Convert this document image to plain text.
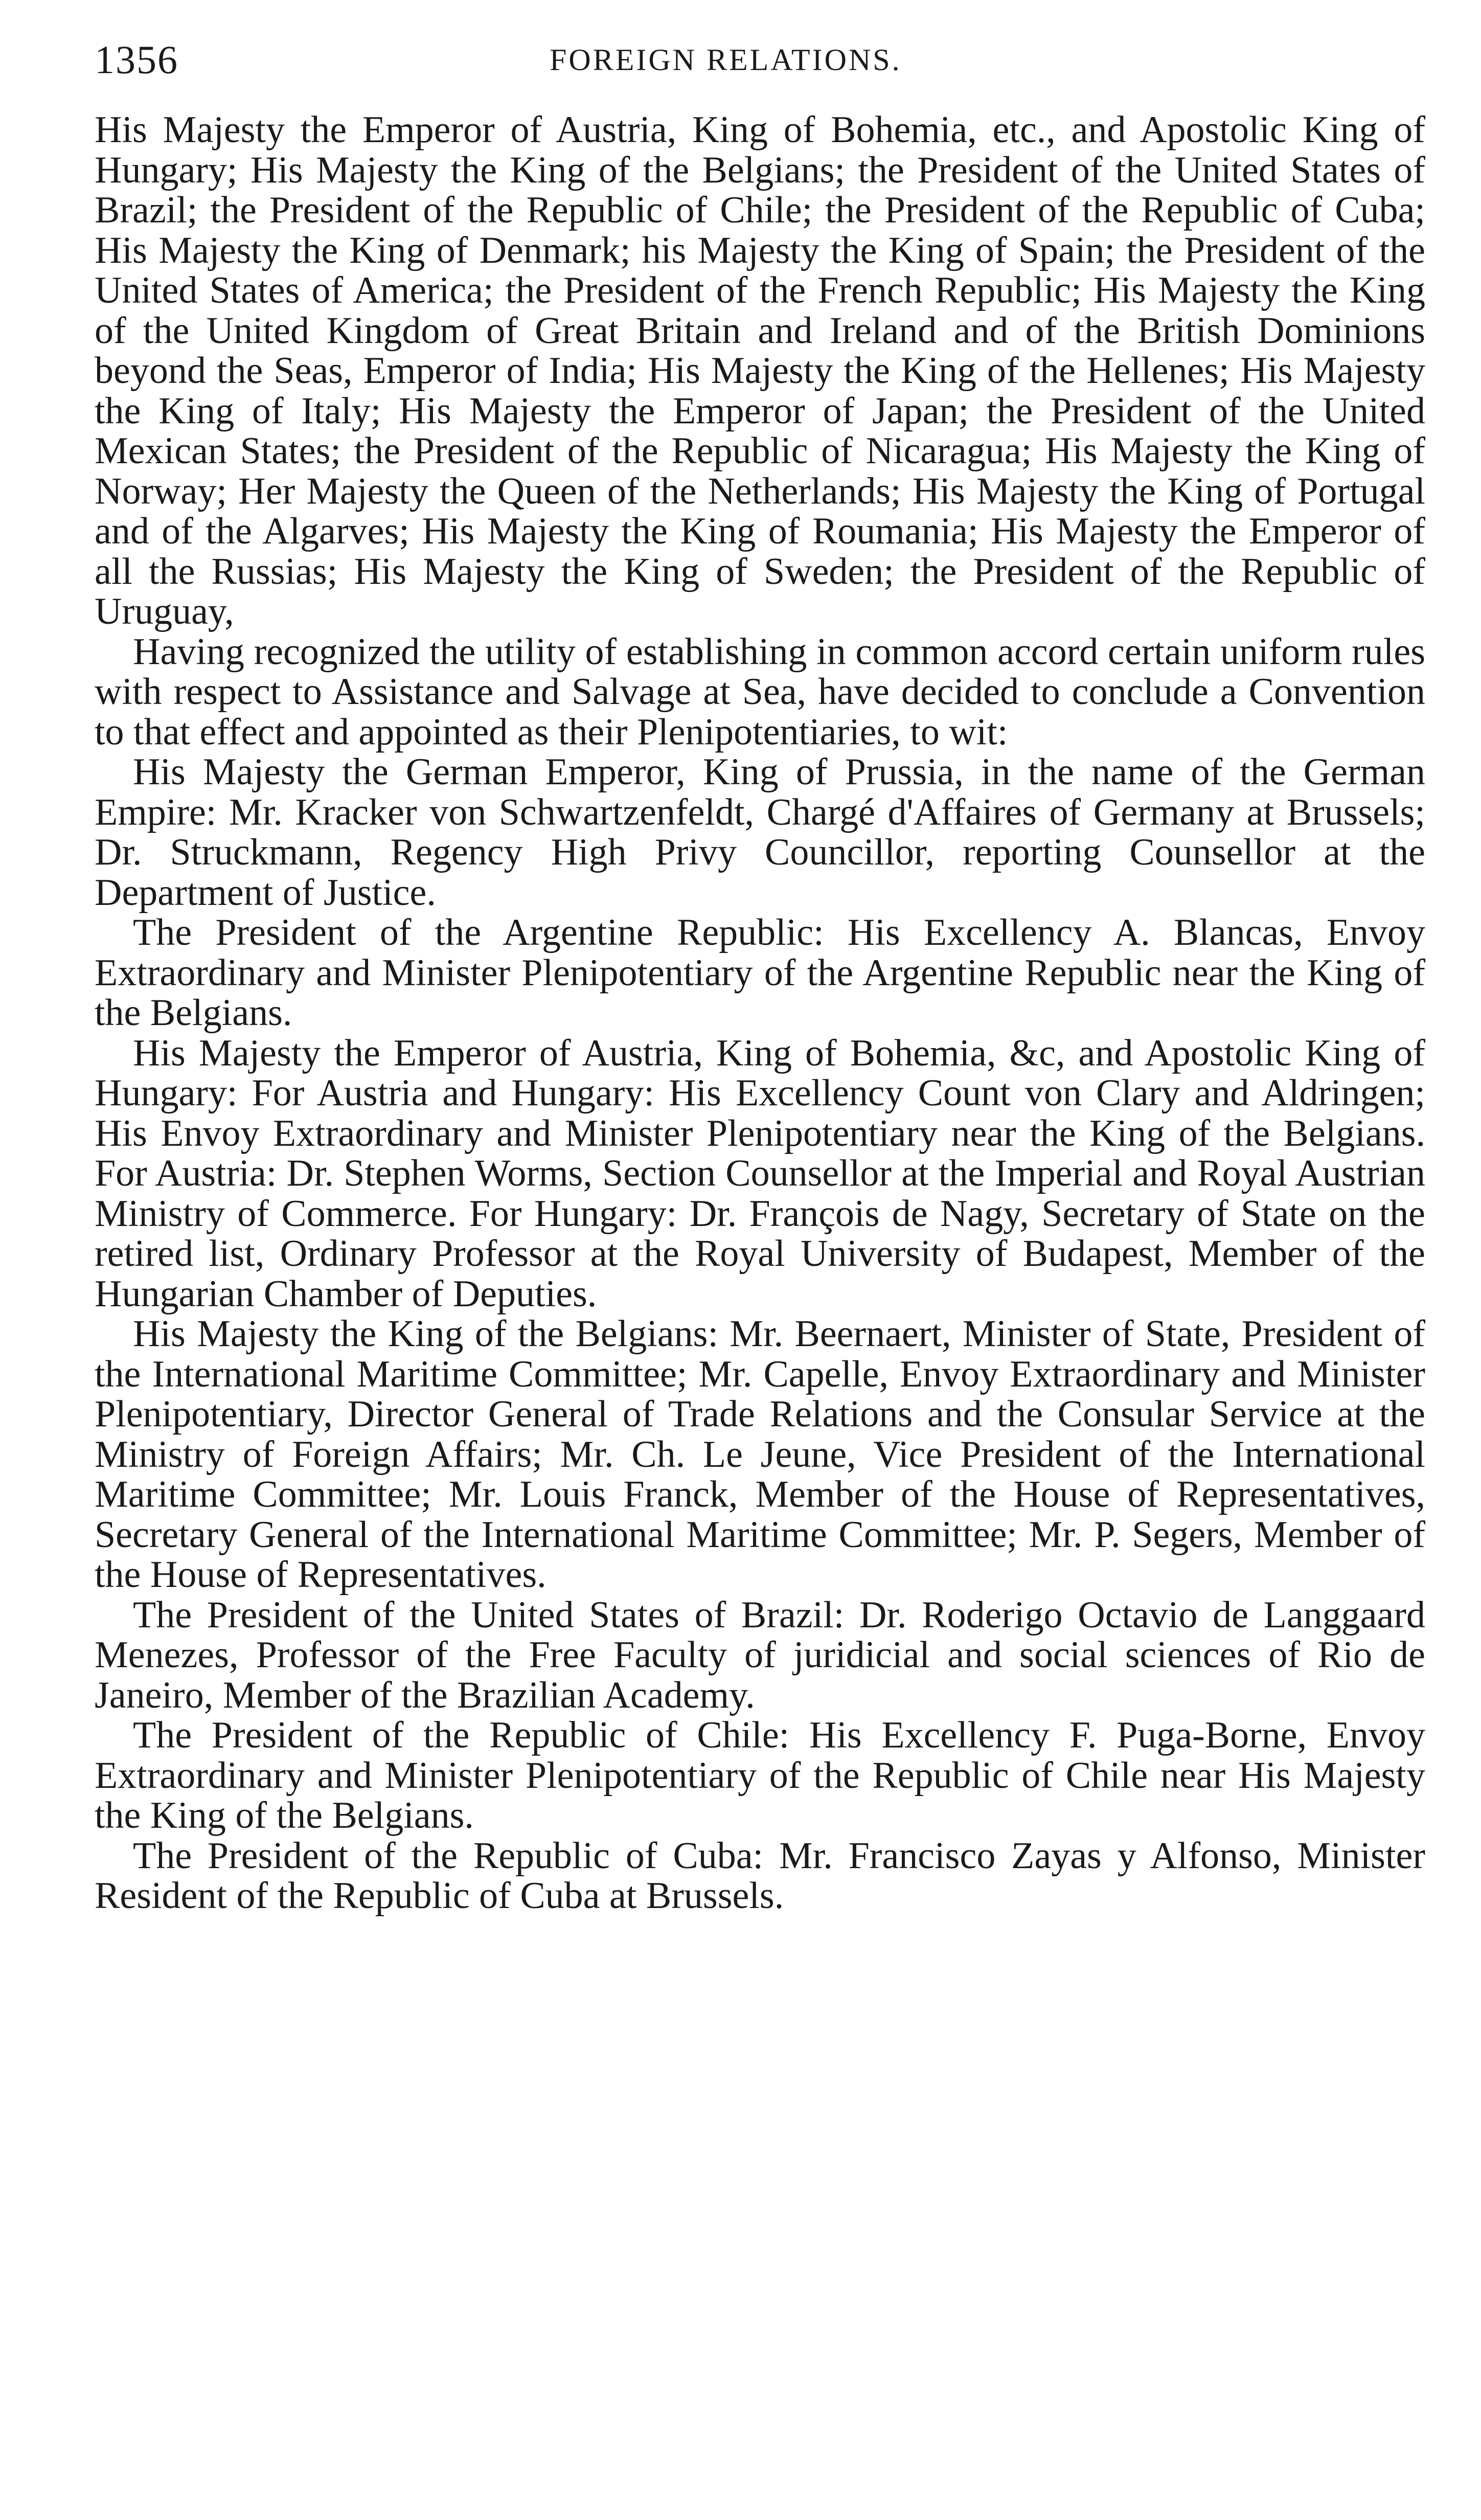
1356	FOREIGN RELATIONS.

His Majesty the Emperor of Austria, King of Bohemia, etc., and Apostolic King of Hungary; His Majesty the King of the Belgians; the President of the United States of Brazil; the President of the Republic of Chile; the President of the Republic of Cuba; His Majesty the King of Denmark; his Majesty the King of Spain; the President of the United States of America; the President of the French Republic; His Majesty the King of the United Kingdom of Great Britain and Ireland and of the British Dominions beyond the Seas, Emperor of India; His Majesty the King of the Hellenes; His Majesty the King of Italy; His Majesty the Emperor of Japan; the President of the United Mexican States; the President of the Republic of Nicaragua; His Majesty the King of Norway; Her Majesty the Queen of the Netherlands; His Majesty the King of Portugal and of the Algarves; His Majesty the King of Roumania; His Majesty the Emperor of all the Russias; His Majesty the King of Sweden; the President of the Republic of Uruguay,

Having recognized the utility of establishing in common accord certain uniform rules with respect to Assistance and Salvage at Sea, have decided to conclude a Convention to that effect and appointed as their Plenipotentiaries, to wit:

His Majesty the German Emperor, King of Prussia, in the name of the German Empire: Mr. Kracker von Schwartzenfeldt, Chargé d'Affaires of Germany at Brussels; Dr. Struckmann, Regency High Privy Councillor, reporting Counsellor at the Department of Justice.

The President of the Argentine Republic: His Excellency A. Blancas, Envoy Extraordinary and Minister Plenipotentiary of the Argentine Republic near the King of the Belgians.

His Majesty the Emperor of Austria, King of Bohemia, &c, and Apostolic King of Hungary: For Austria and Hungary: His Excellency Count von Clary and Aldringen; His Envoy Extraordinary and Minister Plenipotentiary near the King of the Belgians. For Austria: Dr. Stephen Worms, Section Counsellor at the Imperial and Royal Austrian Ministry of Commerce. For Hungary: Dr. François de Nagy, Secretary of State on the retired list, Ordinary Professor at the Royal University of Budapest, Member of the Hungarian Chamber of Deputies.

His Majesty the King of the Belgians: Mr. Beernaert, Minister of State, President of the International Maritime Committee; Mr. Capelle, Envoy Extraordinary and Minister Plenipotentiary, Director General of Trade Relations and the Consular Service at the Ministry of Foreign Affairs; Mr. Ch. Le Jeune, Vice President of the International Maritime Committee; Mr. Louis Franck, Member of the House of Representatives, Secretary General of the International Maritime Committee; Mr. P. Segers, Member of the House of Representatives.

The President of the United States of Brazil: Dr. Roderigo Octavio de Langgaard Menezes, Professor of the Free Faculty of juridicial and social sciences of Rio de Janeiro, Member of the Brazilian Academy.

The President of the Republic of Chile: His Excellency F. Puga-Borne, Envoy Extraordinary and Minister Plenipotentiary of the Republic of Chile near His Majesty the King of the Belgians.

The President of the Republic of Cuba: Mr. Francisco Zayas y Alfonso, Minister Resident of the Republic of Cuba at Brussels.
